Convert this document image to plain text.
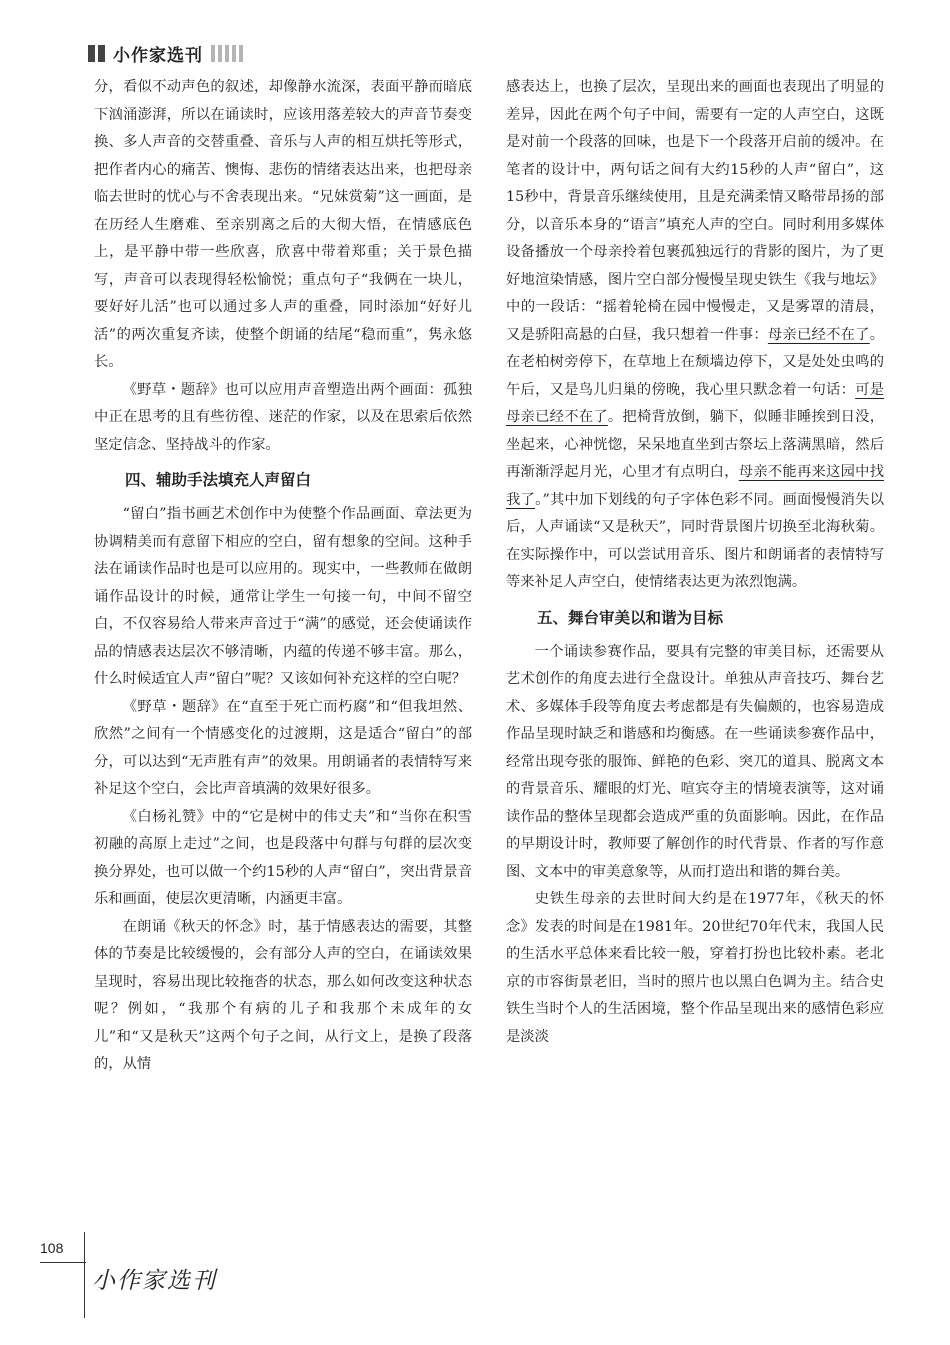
小作家选刊

分，看似不动声色的叙述，却像静水流深，表面平静而暗底下汹涌澎湃，所以在诵读时，应该用落差较大的声音节奏变换、多人声音的交替重叠、音乐与人声的相互烘托等形式，把作者内心的痛苦、懊悔、悲伤的情绪表达出来，也把母亲临去世时的忧心与不舍表现出来。“兄妹赏菊”这一画面，是在历经人生磨难、至亲别离之后的大彻大悟，在情感底色上，是平静中带一些欣喜，欣喜中带着郑重；关于景色描写，声音可以表现得轻松愉悦；重点句子“我俩在一块儿，要好好儿活”也可以通过多人声的重叠，同时添加“好好儿活”的两次重复齐读，使整个朗诵的结尾“稳而重”，隽永悠长。

《野草・题辞》也可以应用声音塑造出两个画面：孤独中正在思考的且有些彷徨、迷茫的作家，以及在思索后依然坚定信念、坚持战斗的作家。

四、辅助手法填充人声留白

“留白”指书画艺术创作中为使整个作品画面、章法更为协调精美而有意留下相应的空白，留有想象的空间。这种手法在诵读作品时也是可以应用的。现实中，一些教师在做朗诵作品设计的时候，通常让学生一句接一句，中间不留空白，不仅容易给人带来声音过于“满”的感觉，还会使诵读作品的情感表达层次不够清晰，内蕴的传递不够丰富。那么，什么时候适宜人声“留白”呢？又该如何补充这样的空白呢？

《野草・题辞》在“直至于死亡而朽腐”和“但我坦然、欣然”之间有一个情感变化的过渡期，这是适合“留白”的部分，可以达到“无声胜有声”的效果。用朗诵者的表情特写来补足这个空白，会比声音填满的效果好很多。

《白杨礼赞》中的“它是树中的伟丈夫”和“当你在积雪初融的高原上走过”之间，也是段落中句群与句群的层次变换分界处，也可以做一个约15秒的人声“留白”，突出背景音乐和画面，使层次更清晰，内涵更丰富。

在朗诵《秋天的怀念》时，基于情感表达的需要，其整体的节奏是比较缓慢的，会有部分人声的空白，在诵读效果呈现时，容易出现比较拖沓的状态，那么如何改变这种状态呢？例如，“我那个有病的儿子和我那个未成年的女儿”和“又是秋天”这两个句子之间，从行文上，是换了段落的，从情

感表达上，也换了层次，呈现出来的画面也表现出了明显的差异，因此在两个句子中间，需要有一定的人声空白，这既是对前一个段落的回味，也是下一个段落开启前的缓冲。在笔者的设计中，两句话之间有大约15秒的人声“留白”，这15秒中，背景音乐继续使用，且是充满柔情又略带昂扬的部分，以音乐本身的“语言”填充人声的空白。同时利用多媒体设备播放一个母亲拎着包裹孤独远行的背影的图片，为了更好地渲染情感，图片空白部分慢慢呈现史铁生《我与地坛》中的一段话：“摇着轮椅在园中慢慢走，又是雾罩的清晨，又是骄阳高悬的白昼，我只想着一件事：母亲已经不在了。在老柏树旁停下，在草地上在颓墙边停下，又是处处虫鸣的午后，又是鸟儿归巢的傍晚，我心里只默念着一句话：可是母亲已经不在了。把椅背放倒，躺下，似睡非睡挨到日没，坐起来，心神恍惚，呆呆地直坐到古祭坛上落满黑暗，然后再渐渐浮起月光，心里才有点明白，母亲不能再来这园中找我了。”其中加下划线的句子字体色彩不同。画面慢慢消失以后，人声诵读“又是秋天”，同时背景图片切换至北海秋菊。在实际操作中，可以尝试用音乐、图片和朗诵者的表情特写等来补足人声空白，使情绪表达更为浓烈饱满。

五、舞台审美以和谐为目标

一个诵读参赛作品，要具有完整的审美目标，还需要从艺术创作的角度去进行全盘设计。单独从声音技巧、舞台艺术、多媒体手段等角度去考虑都是有失偏颇的，也容易造成作品呈现时缺乏和谐感和均衡感。在一些诵读参赛作品中，经常出现夸张的服饰、鲜艳的色彩、突兀的道具、脱离文本的背景音乐、耀眼的灯光、喧宾夺主的情境表演等，这对诵读作品的整体呈现都会造成严重的负面影响。因此，在作品的早期设计时，教师要了解创作的时代背景、作者的写作意图、文本中的审美意象等，从而打造出和谐的舞台美。

史铁生母亲的去世时间大约是在1977年，《秋天的怀念》发表的时间是在1981年。20世纪70年代末，我国人民的生活水平总体来看比较一般，穿着打扮也比较朴素。老北京的市容街景老旧，当时的照片也以黑白色调为主。结合史铁生当时个人的生活困境，整个作品呈现出来的感情色彩应是淡淡

108
小作家选刊
